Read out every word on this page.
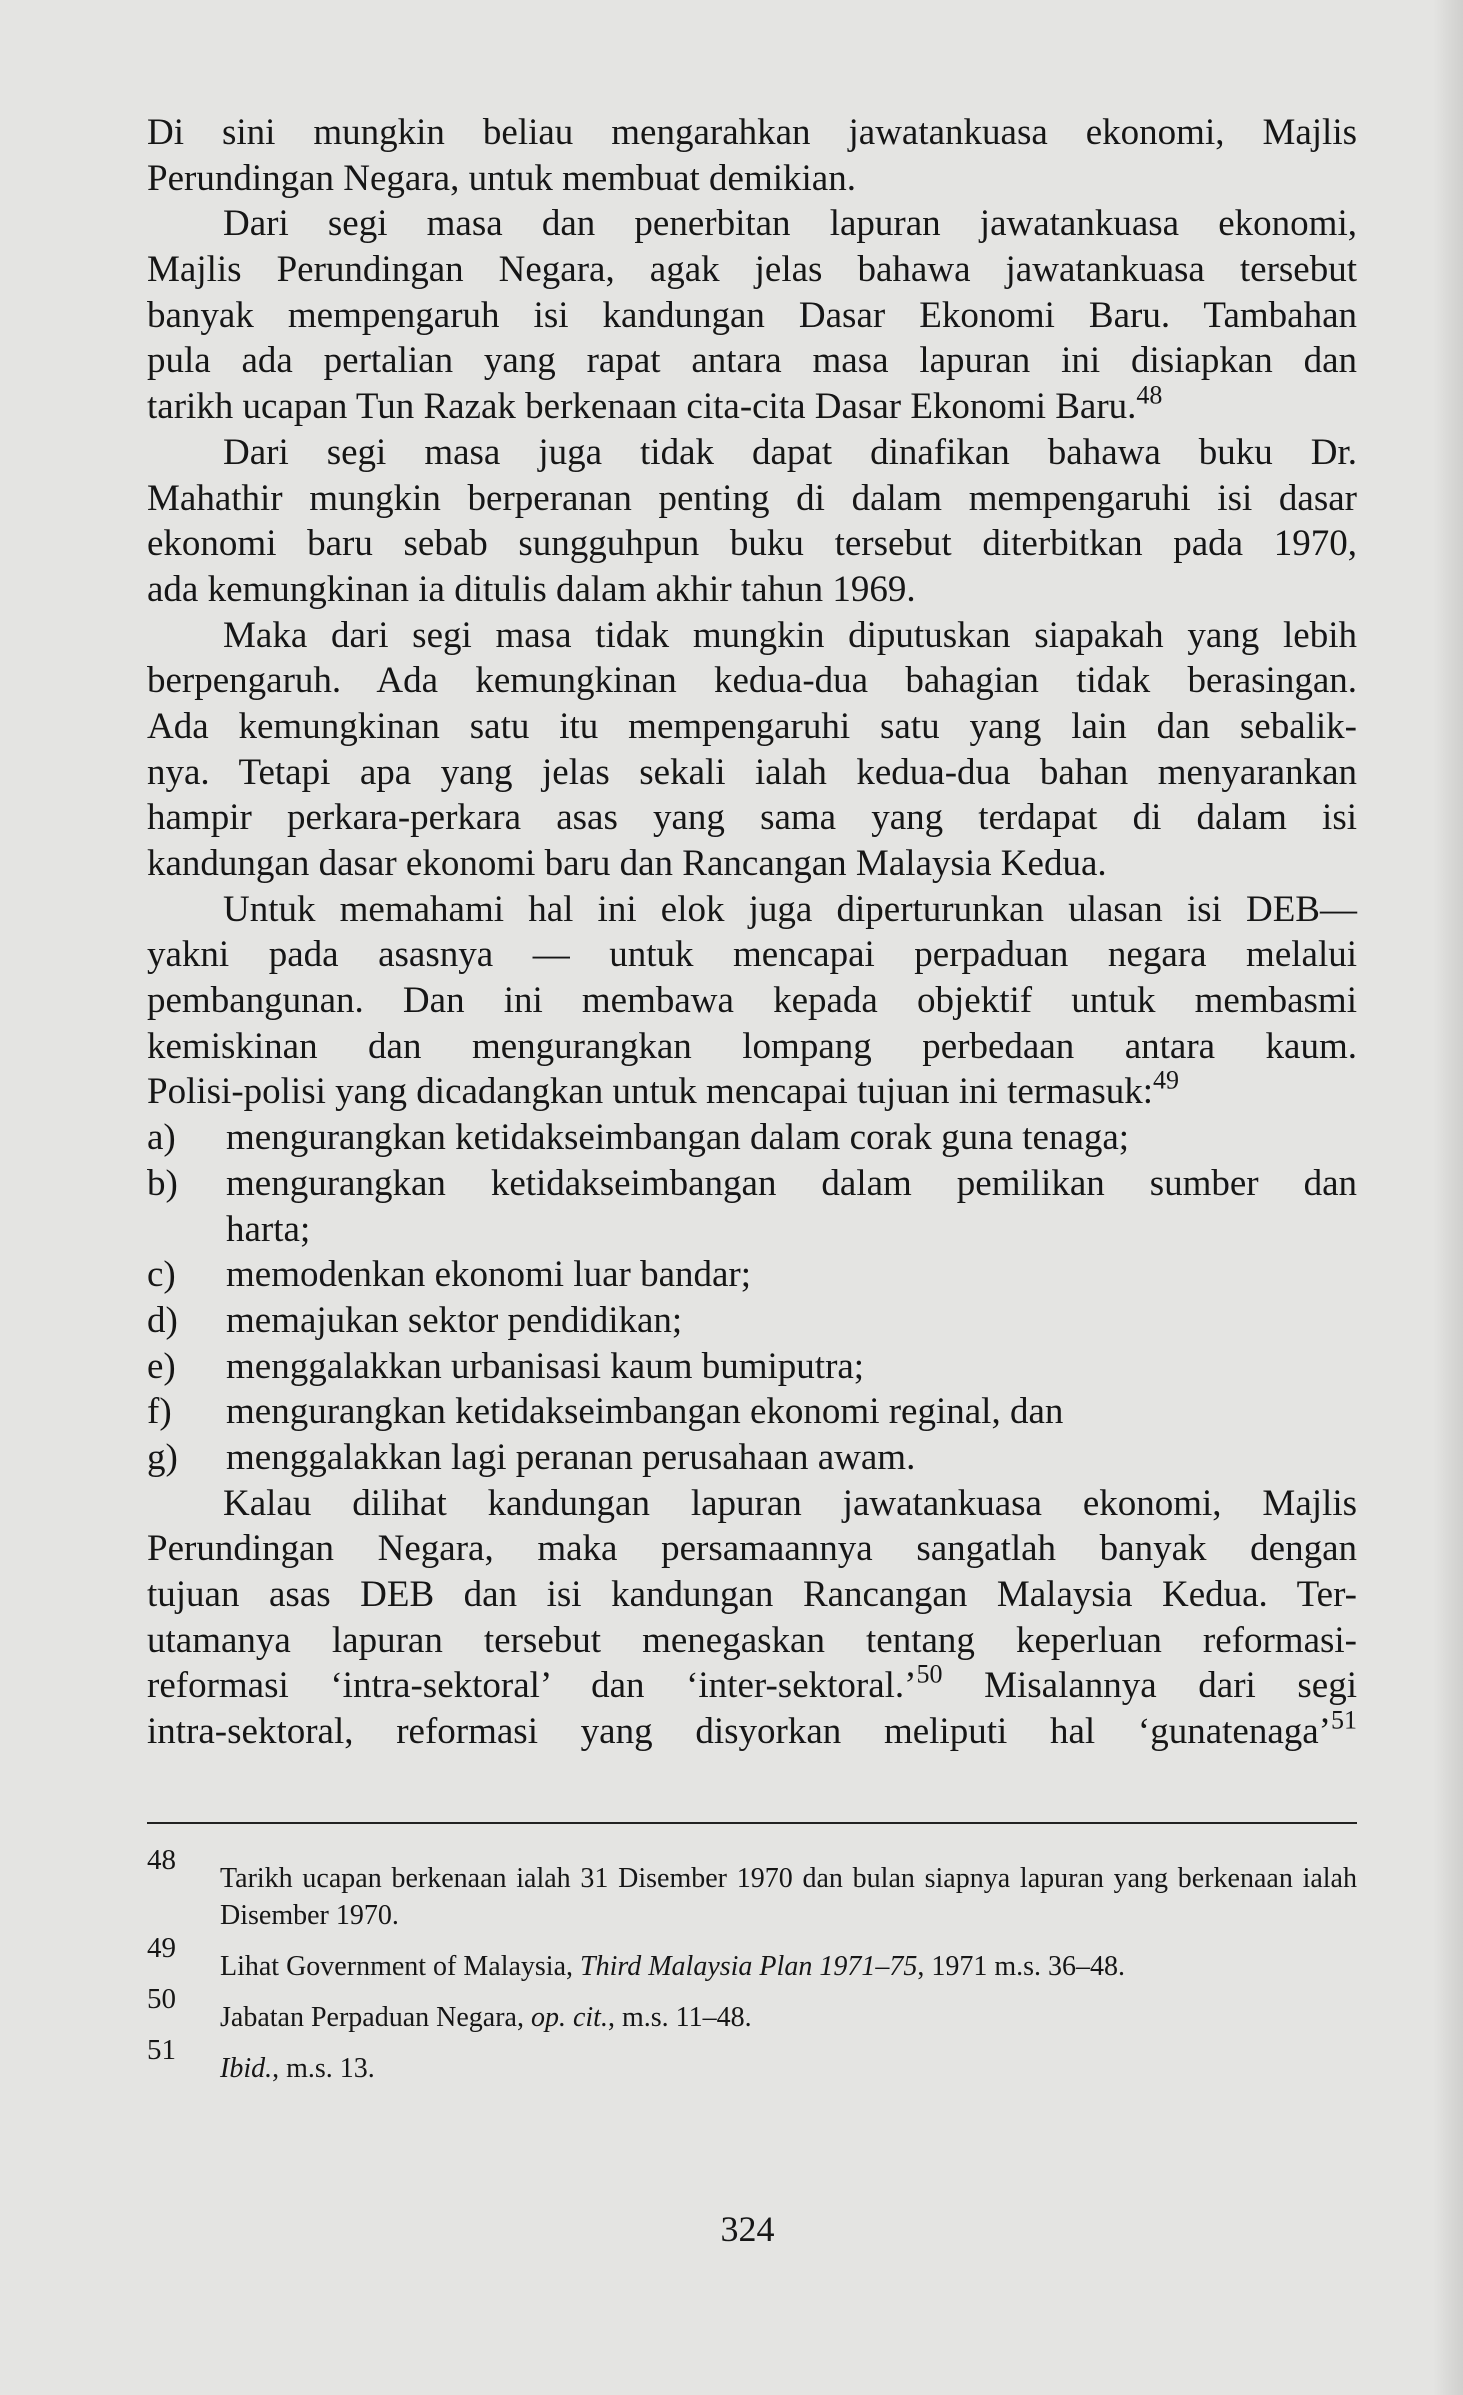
Di sini mungkin beliau mengarahkan jawatankuasa ekonomi, Majlis
Perundingan Negara, untuk membuat demikian.
Dari segi masa dan penerbitan lapuran jawatankuasa ekonomi,
Majlis Perundingan Negara, agak jelas bahawa jawatankuasa tersebut
banyak mempengaruh isi kandungan Dasar Ekonomi Baru. Tambahan
pula ada pertalian yang rapat antara masa lapuran ini disiapkan dan
tarikh ucapan Tun Razak berkenaan cita-cita Dasar Ekonomi Baru.$^{48}$
Dari segi masa juga tidak dapat dinafikan bahawa buku Dr.
Mahathir mungkin berperanan penting di dalam mempengaruhi isi dasar
ekonomi baru sebab sungguhpun buku tersebut diterbitkan pada 1970,
ada kemungkinan ia ditulis dalam akhir tahun 1969.
Maka dari segi masa tidak mungkin diputuskan siapakah yang lebih
berpengaruh. Ada kemungkinan kedua-dua bahagian tidak berasingan.
Ada kemungkinan satu itu mempengaruhi satu yang lain dan sebalik-
nya. Tetapi apa yang jelas sekali ialah kedua-dua bahan menyarankan
hampir perkara-perkara asas yang sama yang terdapat di dalam isi
kandungan dasar ekonomi baru dan Rancangan Malaysia Kedua.
Untuk memahami hal ini elok juga diperturunkan ulasan isi DEB—
yakni pada asasnya — untuk mencapai perpaduan negara melalui
pembangunan. Dan ini membawa kepada objektif untuk membasmi
kemiskinan dan mengurangkan lompang perbedaan antara kaum.
Polisi-polisi yang dicadangkan untuk mencapai tujuan ini termasuk:$^{49}$
a) mengurangkan ketidakseimbangan dalam corak guna tenaga;
b) mengurangkan ketidakseimbangan dalam pemilikan sumber dan
harta;
c) memodenkan ekonomi luar bandar;
d) memajukan sektor pendidikan;
e) menggalakkan urbanisasi kaum bumiputra;
f) mengurangkan ketidakseimbangan ekonomi reginal, dan
g) menggalakkan lagi peranan perusahaan awam.
Kalau dilihat kandungan lapuran jawatankuasa ekonomi, Majlis
Perundingan Negara, maka persamaannya sangatlah banyak dengan
tujuan asas DEB dan isi kandungan Rancangan Malaysia Kedua. Ter-
utamanya lapuran tersebut menegaskan tentang keperluan reformasi-
reformasi ‘intra-sektoral’ dan ‘inter-sektoral.’$^{50}$ Misalannya dari segi
intra-sektoral, reformasi yang disyorkan meliputi hal ‘gunatenaga’$^{51}$
48
Tarikh ucapan berkenaan ialah 31 Disember 1970 dan bulan siapnya lapuran yang berkenaan ialah Disember 1970.
49
Lihat Government of Malaysia, Third Malaysia Plan 1971–75, 1971 m.s. 36–48.
50
Jabatan Perpaduan Negara, op. cit., m.s. 11–48.
51
Ibid., m.s. 13.
324
